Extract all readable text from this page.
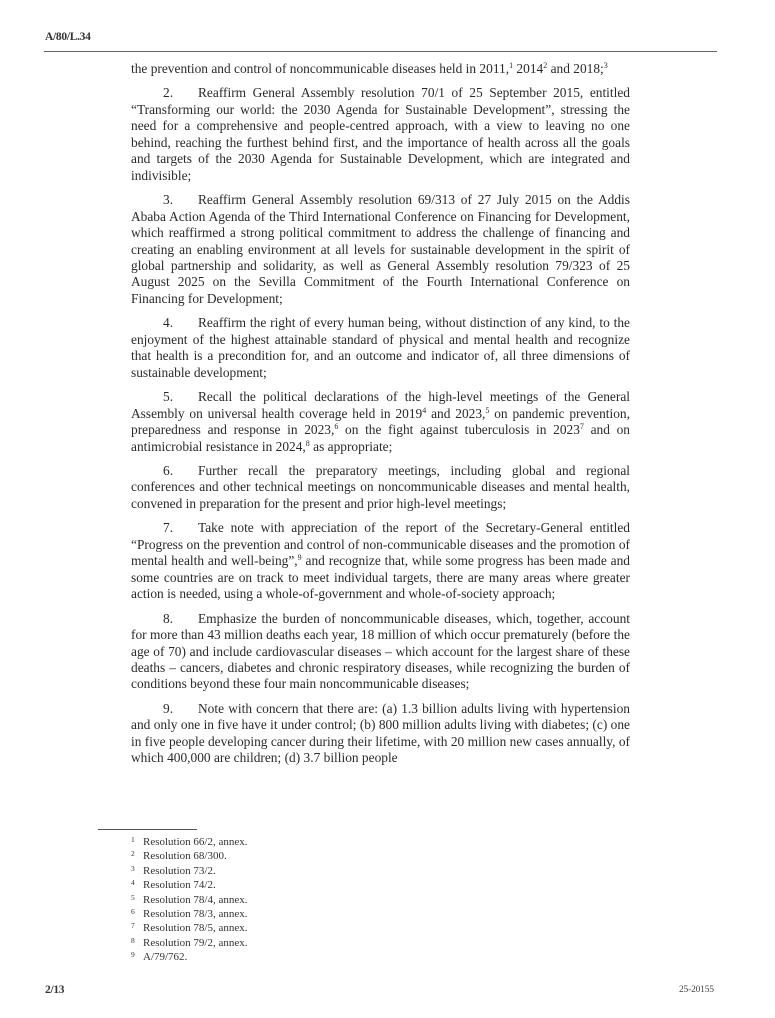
A/80/L.34

the prevention and control of noncommunicable diseases held in 2011,$^1$ 2014$^2$ and 2018;$^3$

2. Reaffirm General Assembly resolution 70/1 of 25 September 2015, entitled “Transforming our world: the 2030 Agenda for Sustainable Development”, stressing the need for a comprehensive and people-centred approach, with a view to leaving no one behind, reaching the furthest behind first, and the importance of health across all the goals and targets of the 2030 Agenda for Sustainable Development, which are integrated and indivisible;

3. Reaffirm General Assembly resolution 69/313 of 27 July 2015 on the Addis Ababa Action Agenda of the Third International Conference on Financing for Development, which reaffirmed a strong political commitment to address the challenge of financing and creating an enabling environment at all levels for sustainable development in the spirit of global partnership and solidarity, as well as General Assembly resolution 79/323 of 25 August 2025 on the Sevilla Commitment of the Fourth International Conference on Financing for Development;

4. Reaffirm the right of every human being, without distinction of any kind, to the enjoyment of the highest attainable standard of physical and mental health and recognize that health is a precondition for, and an outcome and indicator of, all three dimensions of sustainable development;

5. Recall the political declarations of the high-level meetings of the General Assembly on universal health coverage held in 2019$^4$ and 2023,$^5$ on pandemic prevention, preparedness and response in 2023,$^6$ on the fight against tuberculosis in 2023$^7$ and on antimicrobial resistance in 2024,$^8$ as appropriate;

6. Further recall the preparatory meetings, including global and regional conferences and other technical meetings on noncommunicable diseases and mental health, convened in preparation for the present and prior high-level meetings;

7. Take note with appreciation of the report of the Secretary-General entitled “Progress on the prevention and control of non-communicable diseases and the promotion of mental health and well-being”,$^9$ and recognize that, while some progress has been made and some countries are on track to meet individual targets, there are many areas where greater action is needed, using a whole-of-government and whole-of-society approach;

8. Emphasize the burden of noncommunicable diseases, which, together, account for more than 43 million deaths each year, 18 million of which occur prematurely (before the age of 70) and include cardiovascular diseases – which account for the largest share of these deaths – cancers, diabetes and chronic respiratory diseases, while recognizing the burden of conditions beyond these four main noncommunicable diseases;

9. Note with concern that there are: (a) 1.3 billion adults living with hypertension and only one in five have it under control; (b) 800 million adults living with diabetes; (c) one in five people developing cancer during their lifetime, with 20 million new cases annually, of which 400,000 are children; (d) 3.7 billion people

1 Resolution 66/2, annex.
2 Resolution 68/300.
3 Resolution 73/2.
4 Resolution 74/2.
5 Resolution 78/4, annex.
6 Resolution 78/3, annex.
7 Resolution 78/5, annex.
8 Resolution 79/2, annex.
9 A/79/762.
2/13	25-20155
